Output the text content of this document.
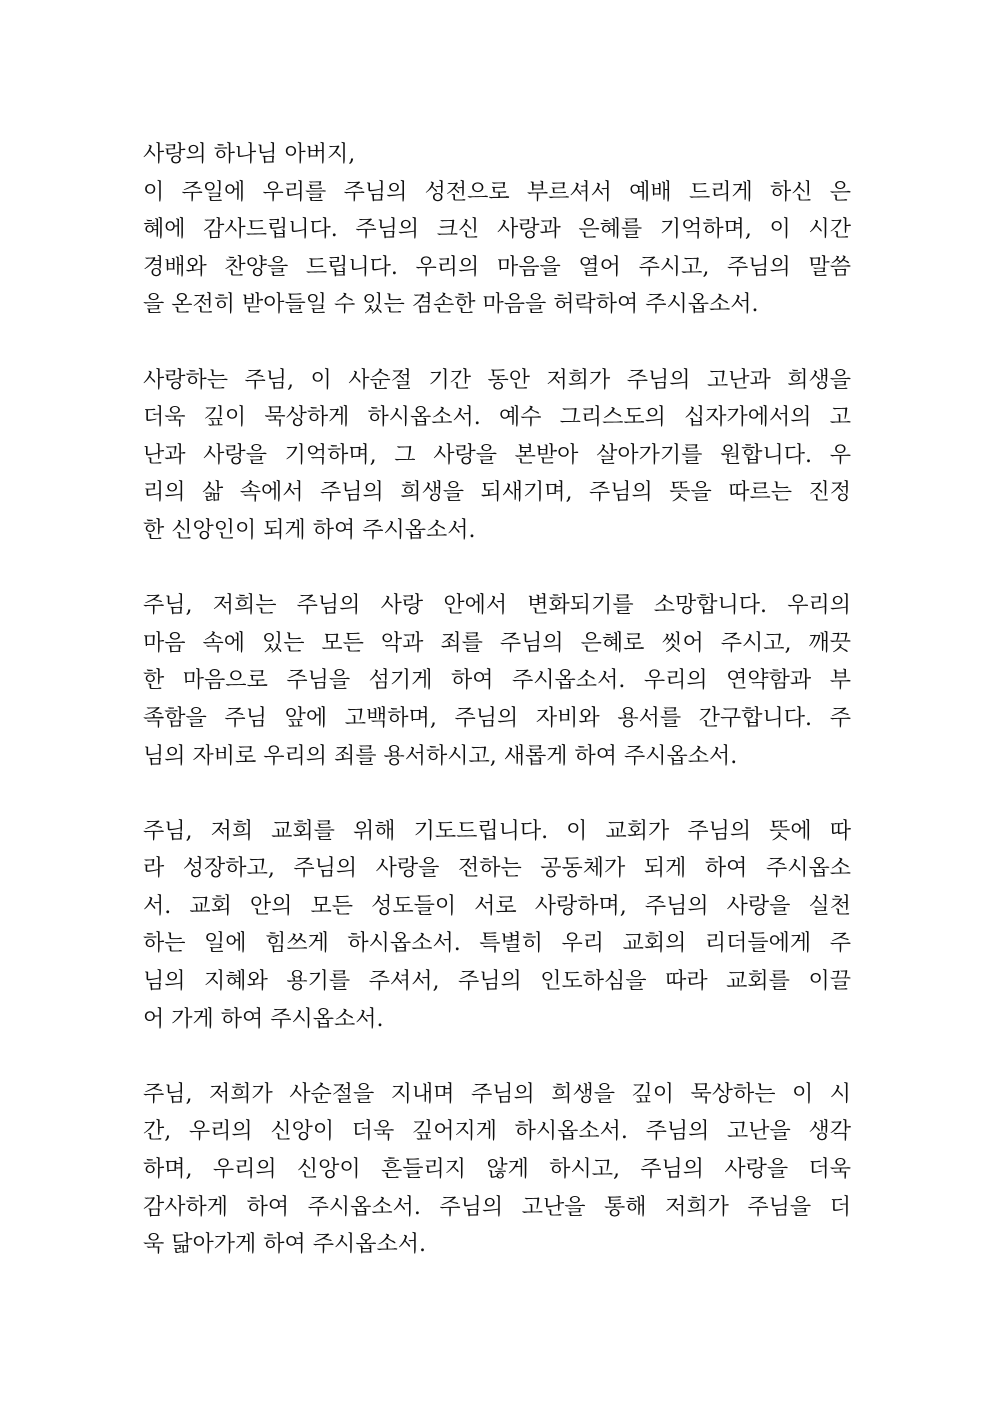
사랑의 하나님 아버지,
이 주일에 우리를 주님의 성전으로 부르셔서 예배 드리게 하신 은
혜에 감사드립니다. 주님의 크신 사랑과 은혜를 기억하며, 이 시간
경배와 찬양을 드립니다. 우리의 마음을 열어 주시고, 주님의 말씀
을 온전히 받아들일 수 있는 겸손한 마음을 허락하여 주시옵소서.
사랑하는 주님, 이 사순절 기간 동안 저희가 주님의 고난과 희생을
더욱 깊이 묵상하게 하시옵소서. 예수 그리스도의 십자가에서의 고
난과 사랑을 기억하며, 그 사랑을 본받아 살아가기를 원합니다. 우
리의 삶 속에서 주님의 희생을 되새기며, 주님의 뜻을 따르는 진정
한 신앙인이 되게 하여 주시옵소서.
주님, 저희는 주님의 사랑 안에서 변화되기를 소망합니다. 우리의
마음 속에 있는 모든 악과 죄를 주님의 은혜로 씻어 주시고, 깨끗
한 마음으로 주님을 섬기게 하여 주시옵소서. 우리의 연약함과 부
족함을 주님 앞에 고백하며, 주님의 자비와 용서를 간구합니다. 주
님의 자비로 우리의 죄를 용서하시고, 새롭게 하여 주시옵소서.
주님, 저희 교회를 위해 기도드립니다. 이 교회가 주님의 뜻에 따
라 성장하고, 주님의 사랑을 전하는 공동체가 되게 하여 주시옵소
서. 교회 안의 모든 성도들이 서로 사랑하며, 주님의 사랑을 실천
하는 일에 힘쓰게 하시옵소서. 특별히 우리 교회의 리더들에게 주
님의 지혜와 용기를 주셔서, 주님의 인도하심을 따라 교회를 이끌
어 가게 하여 주시옵소서.
주님, 저희가 사순절을 지내며 주님의 희생을 깊이 묵상하는 이 시
간, 우리의 신앙이 더욱 깊어지게 하시옵소서. 주님의 고난을 생각
하며, 우리의 신앙이 흔들리지 않게 하시고, 주님의 사랑을 더욱
감사하게 하여 주시옵소서. 주님의 고난을 통해 저희가 주님을 더
욱 닮아가게 하여 주시옵소서.
